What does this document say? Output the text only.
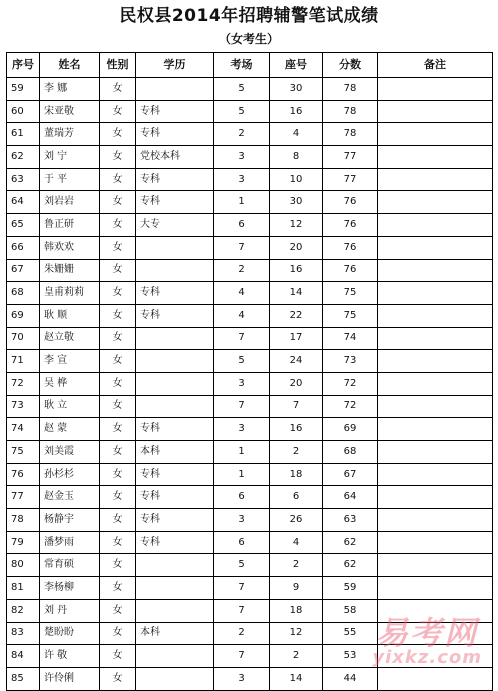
民权县2014年招聘辅警笔试成绩
（女考生）
序号	姓名	性别	学历	考场	座号	分数	备注
59	李 娜	女		5	30	78	
60	宋亚敬	女	专科	5	16	78	
61	董瑞芳	女	专科	2	4	78	
62	刘 宁	女	党校本科	3	8	77	
63	于 平	女	专科	3	10	77	
64	刘岩岩	女	专科	1	30	76	
65	鲁正研	女	大专	6	12	76	
66	韩欢欢	女		7	20	76	
67	朱姗姗	女		2	16	76	
68	皇甫莉莉	女	专科	4	14	75	
69	耿 顺	女	专科	4	22	75	
70	赵立敬	女		7	17	74	
71	李 宣	女		5	24	73	
72	吴 桦	女		3	20	72	
73	耿 立	女		7	7	72	
74	赵 蒙	女	专科	3	16	69	
75	刘美霞	女	本科	1	2	68	
76	孙杉杉	女	专科	1	18	67	
77	赵金玉	女	专科	6	6	64	
78	杨静宇	女	专科	3	26	63	
79	潘梦雨	女	专科	6	4	62	
80	常育硕	女		5	2	62	
81	李杨柳	女		7	9	59	
82	刘 丹	女		7	18	58	
83	楚盼盼	女	本科	2	12	55	
84	许 敬	女		7	2	53	
85	许伶俐	女		3	14	44	
易考网
yixkz.com
